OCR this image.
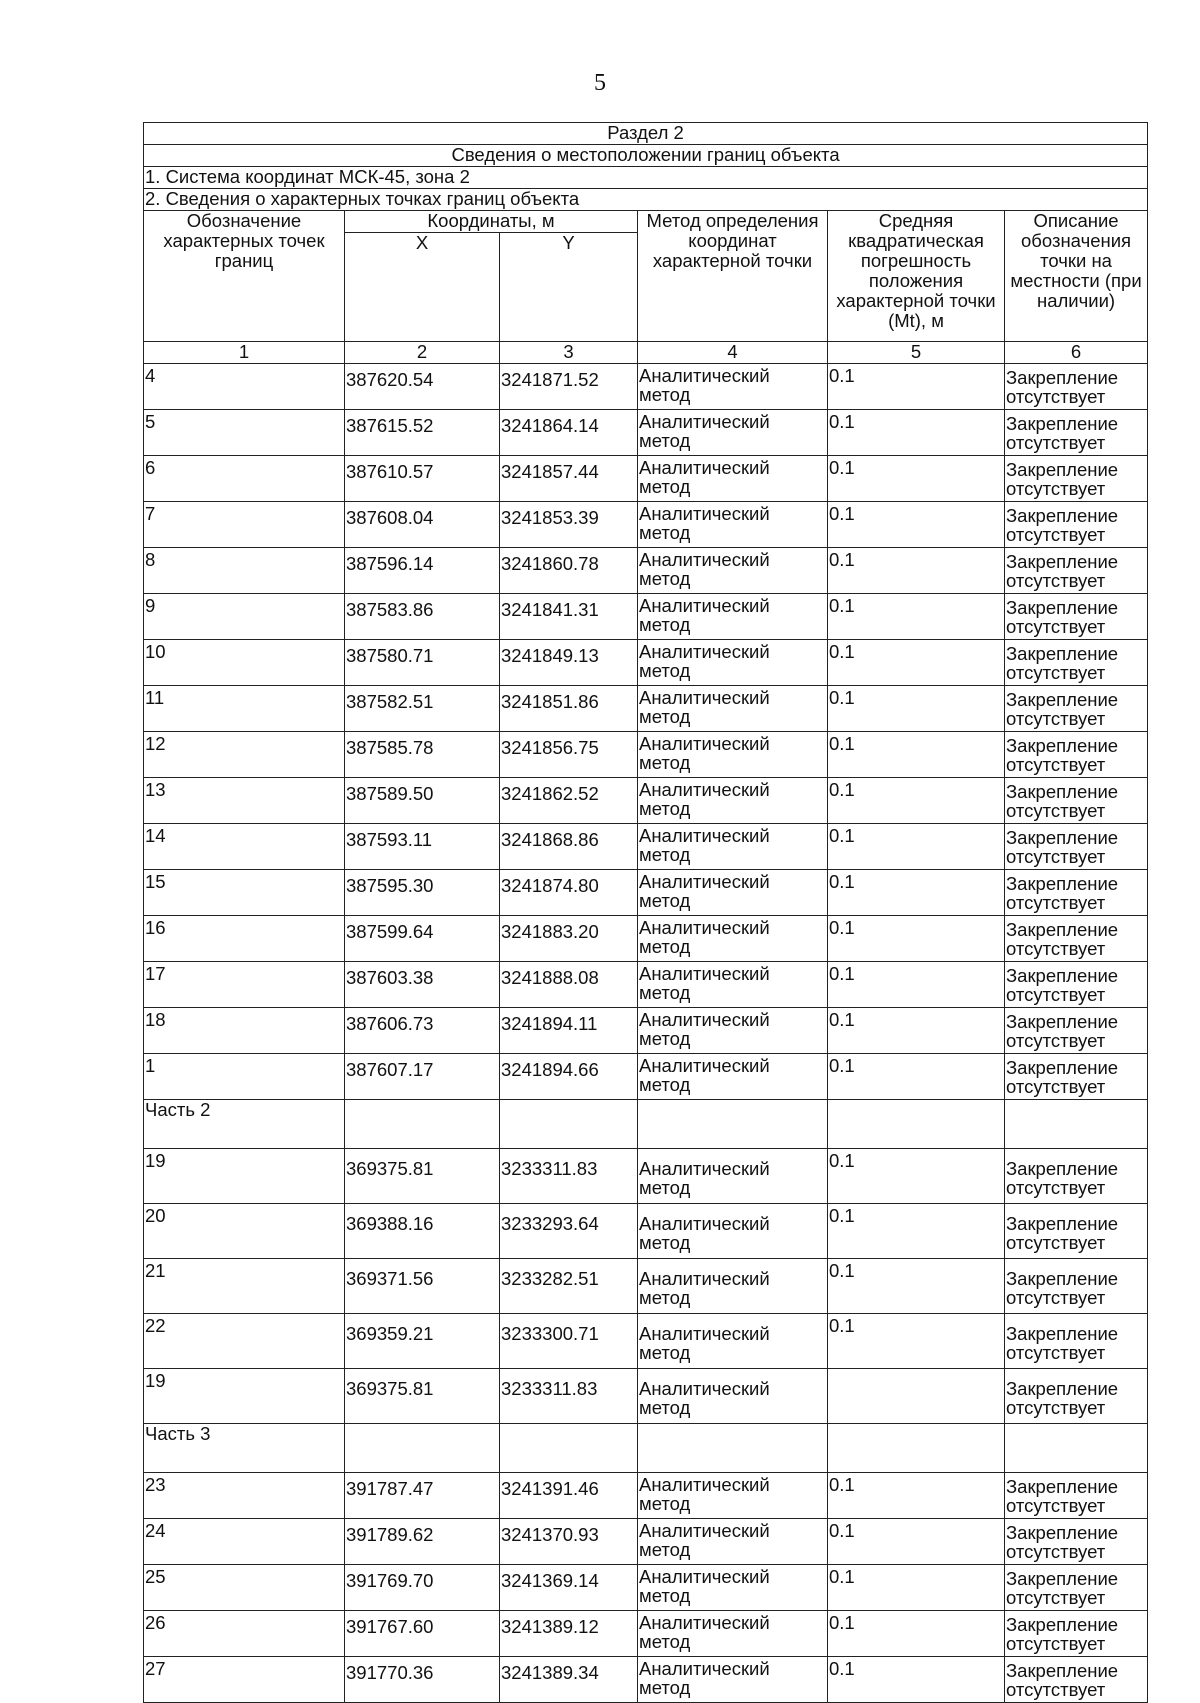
5
Раздел 2					
Сведения о местоположении границ объекта					
1. Система координат МСК-45, зона 2					
2. Сведения о характерных точках границ объекта					
Обозначение характерных точек границ	Координаты, м		Метод определения координат характерной точки	Средняя квадратическая погрешность положения характерной точки (Mt), м	Описание обозначения точки на местности (при наличии)
	X	Y			
1	2	3	4	5	6
4	387620.54	3241871.52	Аналитический метод	0.1	Закрепление отсутствует
5	387615.52	3241864.14	Аналитический метод	0.1	Закрепление отсутствует
6	387610.57	3241857.44	Аналитический метод	0.1	Закрепление отсутствует
7	387608.04	3241853.39	Аналитический метод	0.1	Закрепление отсутствует
8	387596.14	3241860.78	Аналитический метод	0.1	Закрепление отсутствует
9	387583.86	3241841.31	Аналитический метод	0.1	Закрепление отсутствует
10	387580.71	3241849.13	Аналитический метод	0.1	Закрепление отсутствует
11	387582.51	3241851.86	Аналитический метод	0.1	Закрепление отсутствует
12	387585.78	3241856.75	Аналитический метод	0.1	Закрепление отсутствует
13	387589.50	3241862.52	Аналитический метод	0.1	Закрепление отсутствует
14	387593.11	3241868.86	Аналитический метод	0.1	Закрепление отсутствует
15	387595.30	3241874.80	Аналитический метод	0.1	Закрепление отсутствует
16	387599.64	3241883.20	Аналитический метод	0.1	Закрепление отсутствует
17	387603.38	3241888.08	Аналитический метод	0.1	Закрепление отсутствует
18	387606.73	3241894.11	Аналитический метод	0.1	Закрепление отсутствует
1	387607.17	3241894.66	Аналитический метод	0.1	Закрепление отсутствует
Часть 2					
19	369375.81	3233311.83	Аналитический метод	0.1	Закрепление отсутствует
20	369388.16	3233293.64	Аналитический метод	0.1	Закрепление отсутствует
21	369371.56	3233282.51	Аналитический метод	0.1	Закрепление отсутствует
22	369359.21	3233300.71	Аналитический метод	0.1	Закрепление отсутствует
19	369375.81	3233311.83	Аналитический метод		Закрепление отсутствует
Часть 3					
23	391787.47	3241391.46	Аналитический метод	0.1	Закрепление отсутствует
24	391789.62	3241370.93	Аналитический метод	0.1	Закрепление отсутствует
25	391769.70	3241369.14	Аналитический метод	0.1	Закрепление отсутствует
26	391767.60	3241389.12	Аналитический метод	0.1	Закрепление отсутствует
27	391770.36	3241389.34	Аналитический метод	0.1	Закрепление отсутствует
